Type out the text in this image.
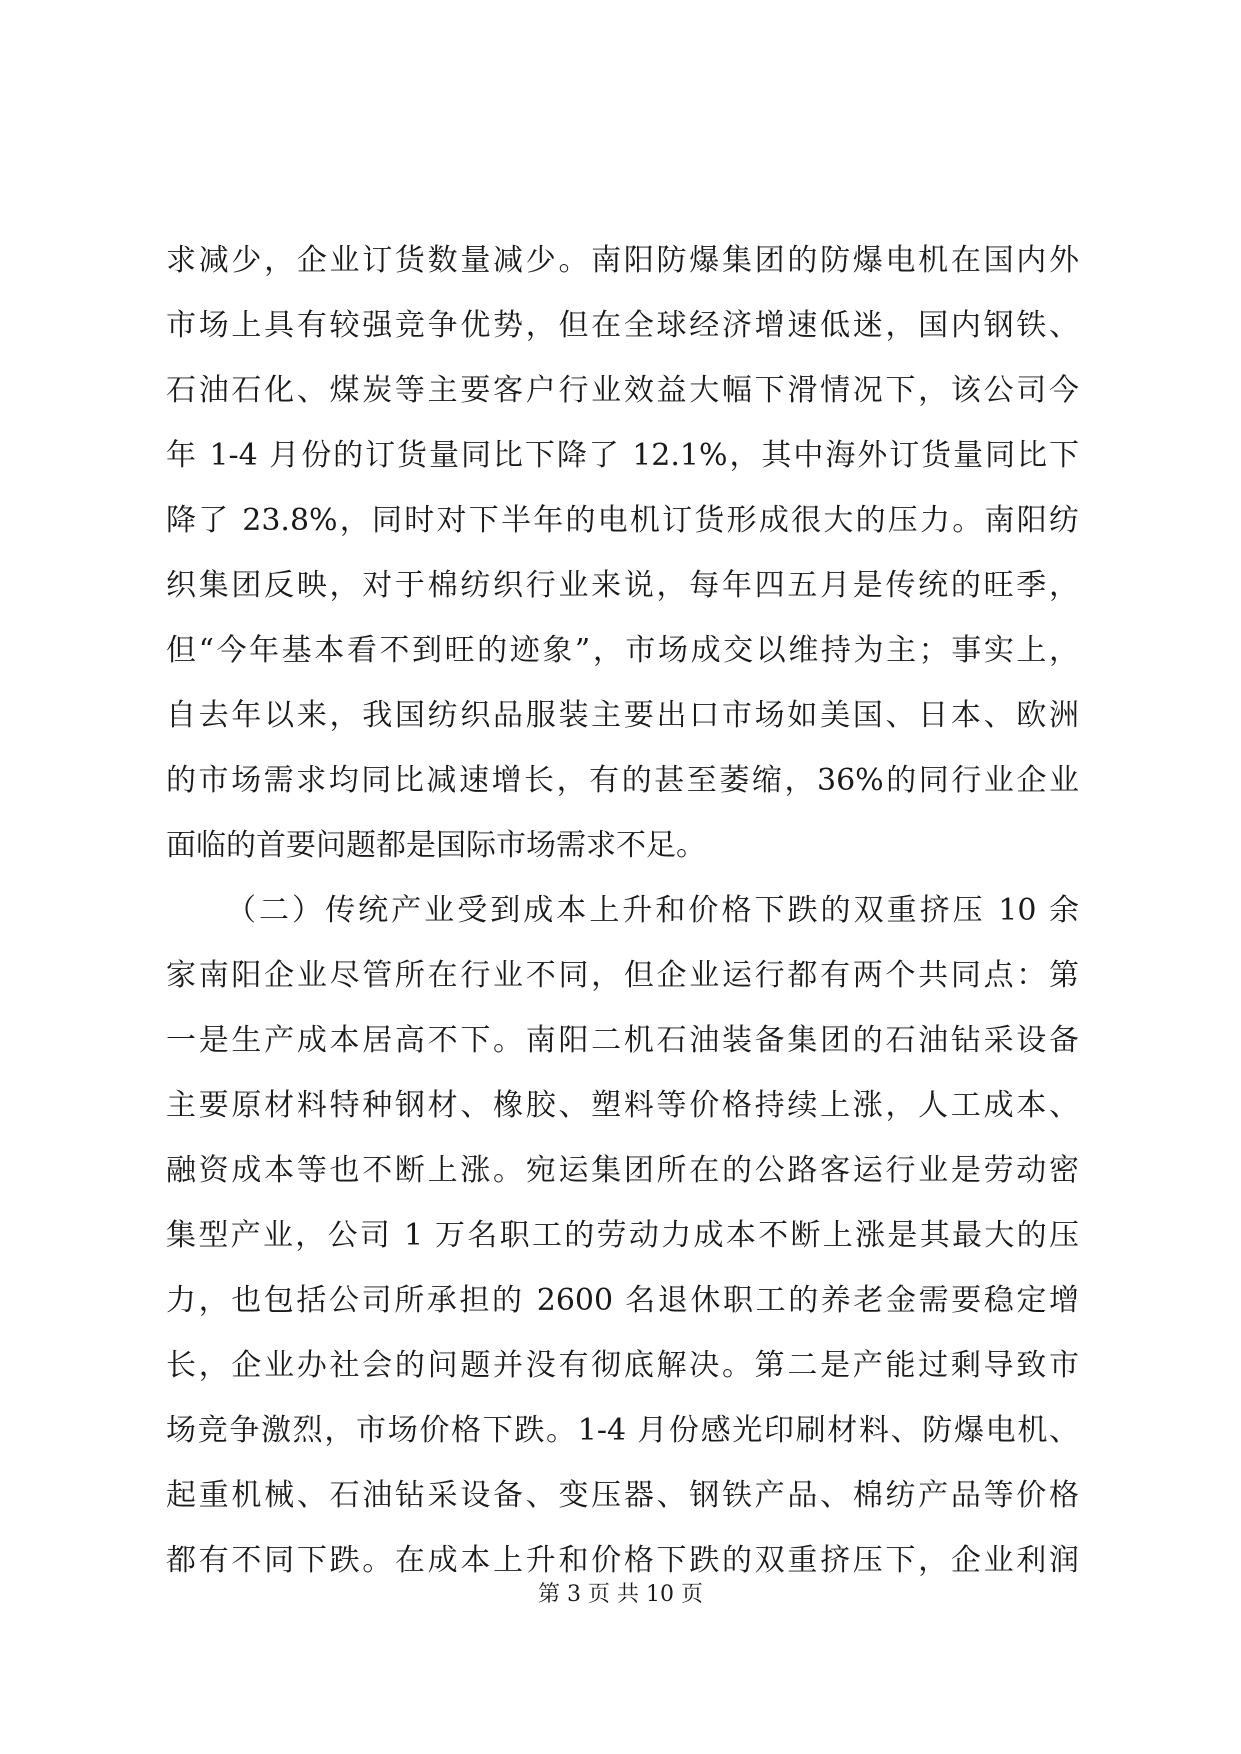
求减少，企业订货数量减少。南阳防爆集团的防爆电机在国内外
市场上具有较强竞争优势，但在全球经济增速低迷，国内钢铁、
石油石化、煤炭等主要客户行业效益大幅下滑情况下，该公司今
年 1-4 月份的订货量同比下降了 12.1%，其中海外订货量同比下
降了 23.8%，同时对下半年的电机订货形成很大的压力。南阳纺
织集团反映，对于棉纺织行业来说，每年四五月是传统的旺季，
但“今年基本看不到旺的迹象”，市场成交以维持为主；事实上，
自去年以来，我国纺织品服装主要出口市场如美国、日本、欧洲
的市场需求均同比减速增长，有的甚至萎缩，36%的同行业企业
面临的首要问题都是国际市场需求不足。
（二）传统产业受到成本上升和价格下跌的双重挤压 10 余
家南阳企业尽管所在行业不同，但企业运行都有两个共同点：第
一是生产成本居高不下。南阳二机石油装备集团的石油钻采设备
主要原材料特种钢材、橡胶、塑料等价格持续上涨，人工成本、
融资成本等也不断上涨。宛运集团所在的公路客运行业是劳动密
集型产业，公司 1 万名职工的劳动力成本不断上涨是其最大的压
力，也包括公司所承担的 2600 名退休职工的养老金需要稳定增
长，企业办社会的问题并没有彻底解决。第二是产能过剩导致市
场竞争激烈，市场价格下跌。1-4 月份感光印刷材料、防爆电机、
起重机械、石油钻采设备、变压器、钢铁产品、棉纺产品等价格
都有不同下跌。在成本上升和价格下跌的双重挤压下，企业利润
第 3 页 共 10 页
